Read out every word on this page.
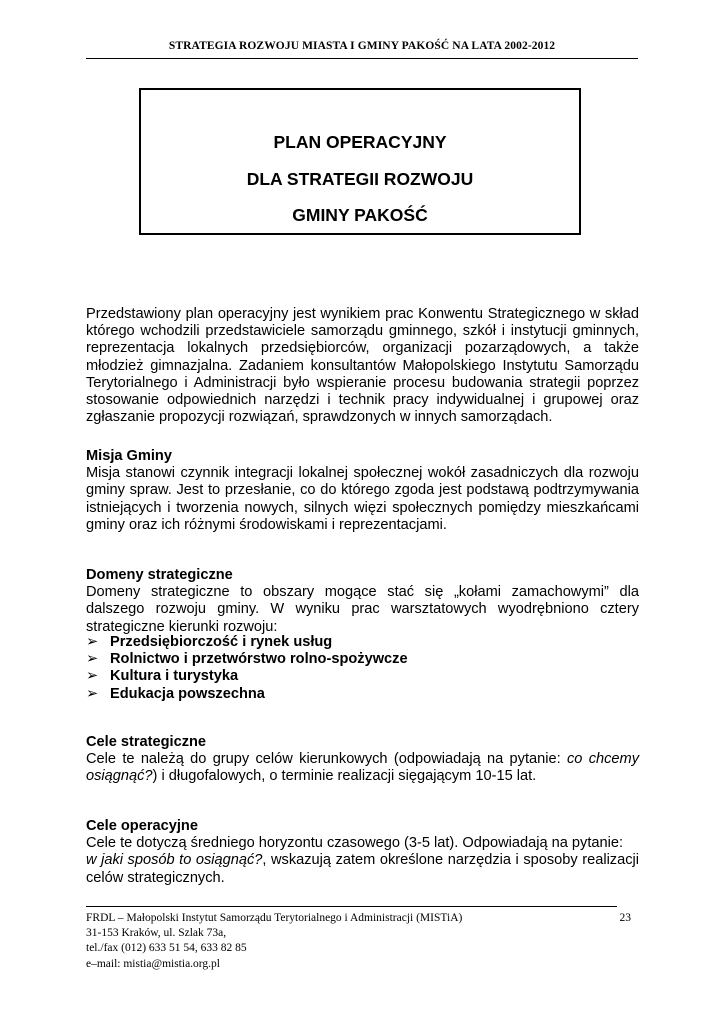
STRATEGIA ROZWOJU MIASTA I GMINY PAKOŚĆ NA LATA 2002-2012
PLAN OPERACYJNY
DLA STRATEGII ROZWOJU
GMINY PAKOŚĆ
Przedstawiony plan operacyjny jest wynikiem prac Konwentu Strategicznego w skład
którego wchodzili przedstawiciele samorządu gminnego, szkół i instytucji gminnych,
reprezentacja lokalnych przedsiębiorców, organizacji pozarządowych, a także
młodzież gimnazjalna. Zadaniem konsultantów Małopolskiego Instytutu Samorządu
Terytorialnego i Administracji było wspieranie procesu budowania strategii poprzez
stosowanie odpowiednich narzędzi i technik pracy indywidualnej i grupowej oraz
zgłaszanie propozycji rozwiązań, sprawdzonych w innych samorządach.
Misja Gminy
Misja stanowi czynnik integracji lokalnej społecznej wokół zasadniczych dla rozwoju
gminy spraw. Jest to przesłanie, co do którego zgoda jest podstawą podtrzymywania
istniejących i tworzenia nowych, silnych więzi społecznych pomiędzy mieszkańcami
gminy oraz ich różnymi środowiskami i reprezentacjami.
Domeny strategiczne
Domeny strategiczne to obszary mogące stać się „kołami zamachowymi” dla
dalszego rozwoju gminy. W wyniku prac warsztatowych wyodrębniono cztery
strategiczne kierunki rozwoju:
➢ Przedsiębiorczość i rynek usług
➢ Rolnictwo i przetwórstwo rolno-spożywcze
➢ Kultura i turystyka
➢ Edukacja powszechna
Cele strategiczne
Cele te należą do grupy celów kierunkowych (odpowiadają na pytanie: co chcemy
osiągnąć?) i długofalowych, o terminie realizacji sięgającym 10-15 lat.
Cele operacyjne
Cele te dotyczą średniego horyzontu czasowego (3-5 lat). Odpowiadają na pytanie:
w jaki sposób to osiągnąć?, wskazują zatem określone narzędzia i sposoby realizacji
celów strategicznych.
FRDL – Małopolski Instytut Samorządu Terytorialnego i Administracji (MISTiA)	23
31-153 Kraków, ul. Szlak 73a,
tel./fax (012) 633 51 54, 633 82 85
e–mail: mistia@mistia.org.pl
